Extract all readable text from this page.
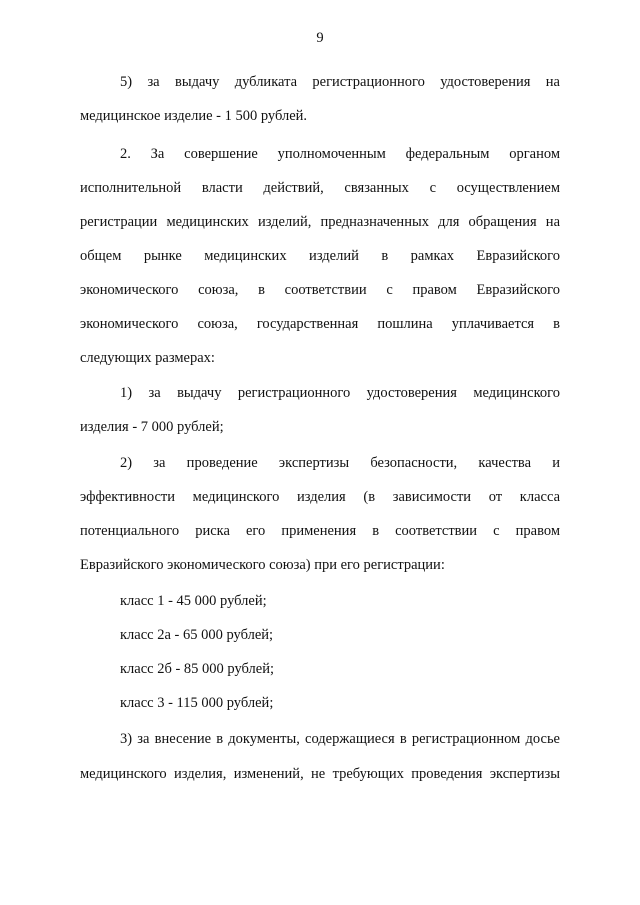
9
5) за выдачу дубликата регистрационного удостоверения на
медицинское изделие - 1 500 рублей.
2. За совершение уполномоченным федеральным органом
исполнительной власти действий, связанных с осуществлением
регистрации медицинских изделий, предназначенных для обращения на
общем рынке медицинских изделий в рамках Евразийского
экономического союза, в соответствии с правом Евразийского
экономического союза, государственная пошлина уплачивается в
следующих размерах:
1) за выдачу регистрационного удостоверения медицинского
изделия - 7 000 рублей;
2) за проведение экспертизы безопасности, качества и
эффективности медицинского изделия (в зависимости от класса
потенциального риска его применения в соответствии с правом
Евразийского экономического союза) при его регистрации:
класс 1 - 45 000 рублей;
класс 2а - 65 000 рублей;
класс 2б - 85 000 рублей;
класс 3 - 115 000 рублей;
3) за внесение в документы, содержащиеся в регистрационном досье
медицинского изделия, изменений, не требующих проведения экспертизы
